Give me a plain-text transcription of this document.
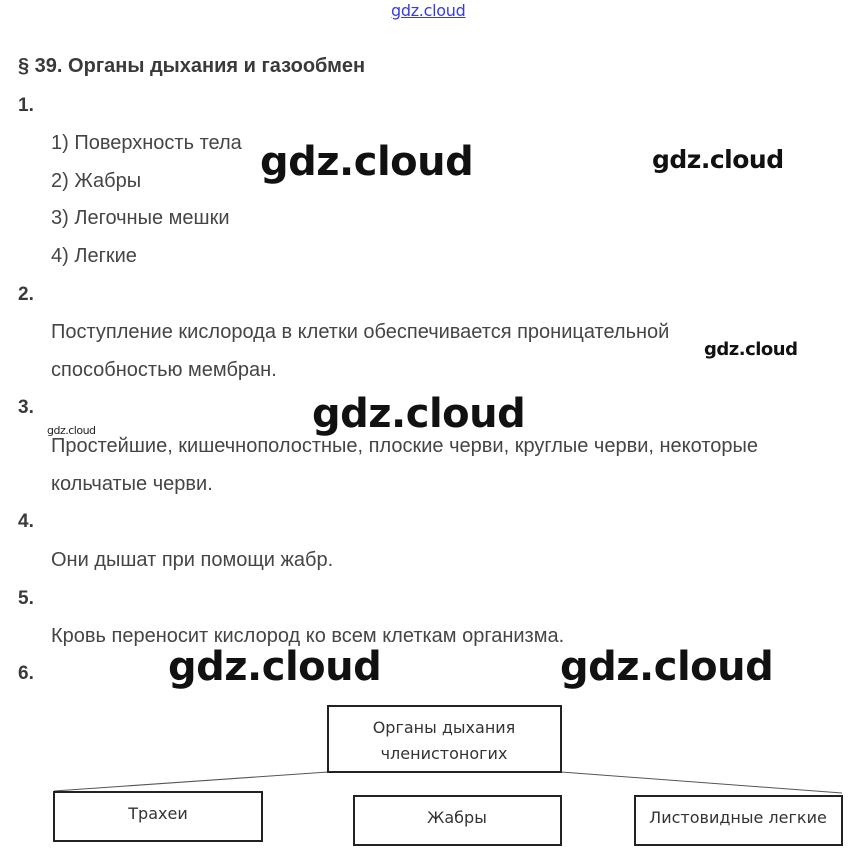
gdz.cloud
§ 39. Органы дыхания и газообмен
1.
1) Поверхность тела
2) Жабры
3) Легочные мешки
4) Легкие
2.
Поступление кислорода в клетки обеспечивается проницательной
способностью мембран.
3.
Простейшие, кишечнополостные, плоские черви, круглые черви, некоторые
кольчатые черви.
4.
Они дышат при помощи жабр.
5.
Кровь переносит кислород ко всем клеткам организма.
6.
gdz.cloud	gdz.cloud
gdz.cloud
gdz.cloud
gdz.cloud
gdz.cloud	gdz.cloud
Органы дыхания
членистоногих
Трахеи	Жабры	Листовидные легкие
